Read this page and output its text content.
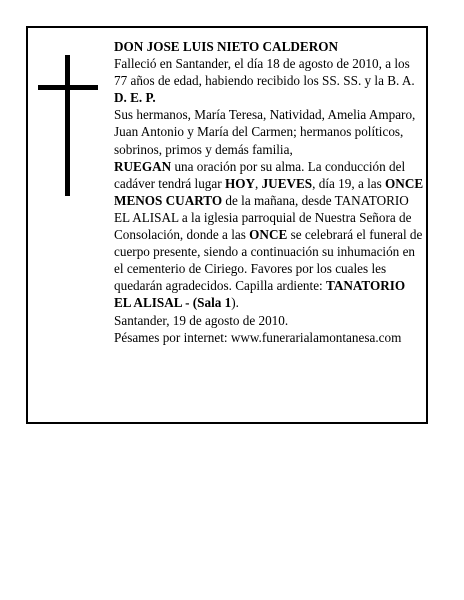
DON JOSE LUIS NIETO CALDERON

Falleció en Santander, el día 18 de agosto de 2010, a los 77 años de edad, habiendo recibido los SS. SS. y la B. A.

D. E. P.

Sus hermanos, María Teresa, Natividad, Amelia Amparo, Juan Antonio y María del Carmen; hermanos políticos, sobrinos, primos y demás familia,

RUEGAN una oración por su alma. La conducción del cadáver tendrá lugar HOY, JUEVES, día 19, a las ONCE MENOS CUARTO de la mañana, desde TANATORIO EL ALISAL a la iglesia parroquial de Nuestra Señora de Consolación, donde a las ONCE se celebrará el funeral de cuerpo presente, siendo a continuación su inhumación en el cementerio de Ciriego. Favores por los cuales les quedarán agradecidos. Capilla ardiente: TANATORIO EL ALISAL - (Sala 1).

Santander, 19 de agosto de 2010.

Pésames por internet: www.funerarialamontanesa.com
